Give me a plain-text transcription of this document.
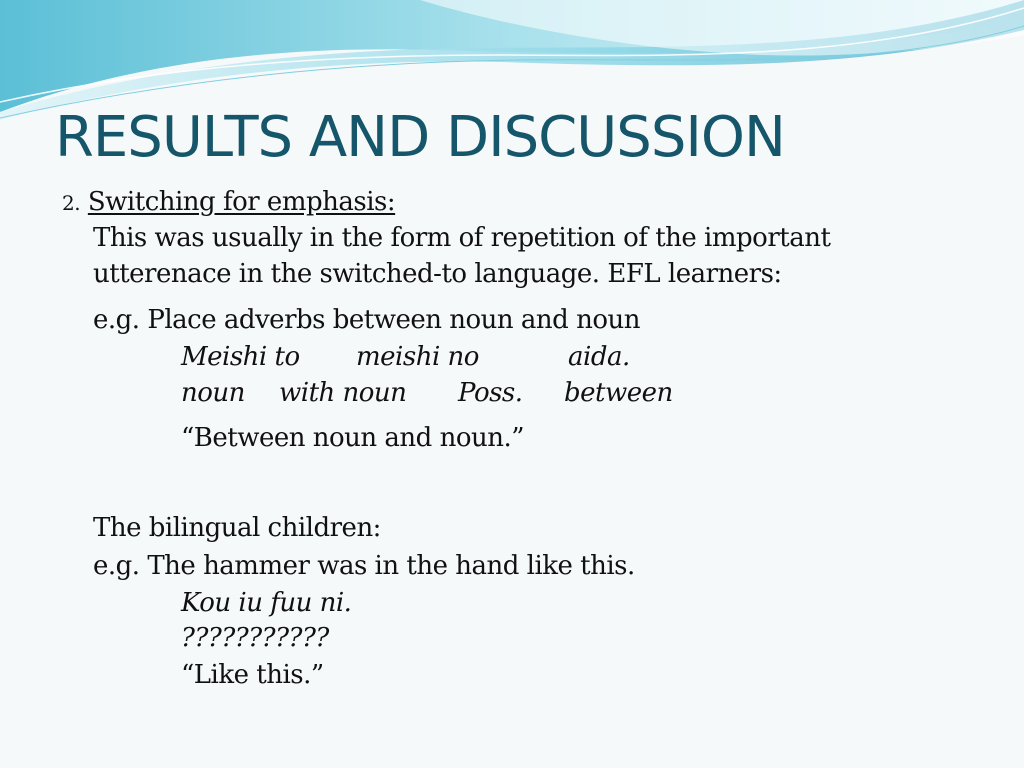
RESULTS AND DISCUSSION
2. Switching for emphasis:
This was usually in the form of repetition of the important
utterenace in the switched-to language. EFL learners:
e.g. Place adverbs between noun and noun
Meishi to meishi no	aida.
noun with noun Poss. between
“Between noun and noun.”
The bilingual children:
e.g. The hammer was in the hand like this.
Kou iu fuu ni.
???????????
“Like this.”
